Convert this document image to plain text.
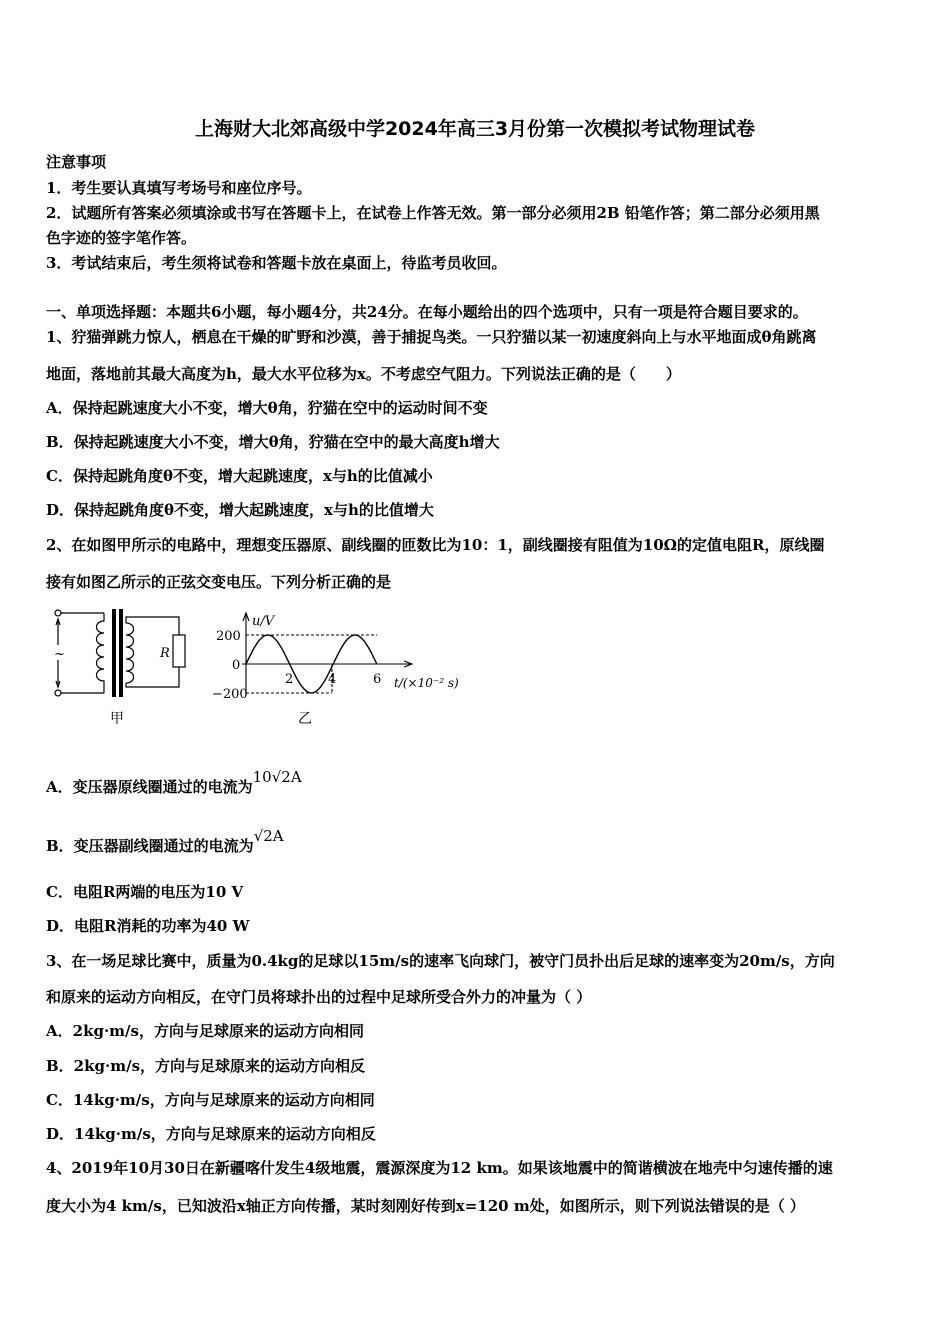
上海财大北郊高级中学2024年高三3月份第一次模拟考试物理试卷
注意事项
1．考生要认真填写考场号和座位序号。
2．试题所有答案必须填涂或书写在答题卡上，在试卷上作答无效。第一部分必须用2B 铅笔作答；第二部分必须用黑
色字迹的签字笔作答。
3．考试结束后，考生须将试卷和答题卡放在桌面上，待监考员收回。
一、单项选择题：本题共6小题，每小题4分，共24分。在每小题给出的四个选项中，只有一项是符合题目要求的。
1、狞猫弹跳力惊人，栖息在干燥的旷野和沙漠，善于捕捉鸟类。一只狞猫以某一初速度斜向上与水平地面成θ角跳离
地面，落地前其最大高度为h，最大水平位移为x。不考虑空气阻力。下列说法正确的是（　　）
A．保持起跳速度大小不变，增大θ角，狞猫在空中的运动时间不变
B．保持起跳速度大小不变，增大θ角，狞猫在空中的最大高度h增大
C．保持起跳角度θ不变，增大起跳速度，x与h的比值减小
D．保持起跳角度θ不变，增大起跳速度，x与h的比值增大
2、在如图甲所示的电路中，理想变压器原、副线圈的匝数比为10：1，副线圈接有阻值为10Ω的定值电阻R，原线圈
接有如图乙所示的正弦交变电压。下列分析正确的是
~	R
甲
u/V
200
0
−200
2	4	6 t/(×10⁻² s)
乙
A．变压器原线圈通过的电流为10√2A
B．变压器副线圈通过的电流为√2A
C．电阻R两端的电压为10 V
D．电阻R消耗的功率为40 W
3、在一场足球比赛中，质量为0.4kg的足球以15m/s的速率飞向球门，被守门员扑出后足球的速率变为20m/s，方向
和原来的运动方向相反，在守门员将球扑出的过程中足球所受合外力的冲量为（ ）
A．2kg·m/s，方向与足球原来的运动方向相同
B．2kg·m/s，方向与足球原来的运动方向相反
C．14kg·m/s，方向与足球原来的运动方向相同
D．14kg·m/s，方向与足球原来的运动方向相反
4、2019年10月30日在新疆喀什发生4级地震，震源深度为12 km。如果该地震中的简谐横波在地壳中匀速传播的速
度大小为4 km/s，已知波沿x轴正方向传播，某时刻刚好传到x=120 m处，如图所示，则下列说法错误的是（ ）
